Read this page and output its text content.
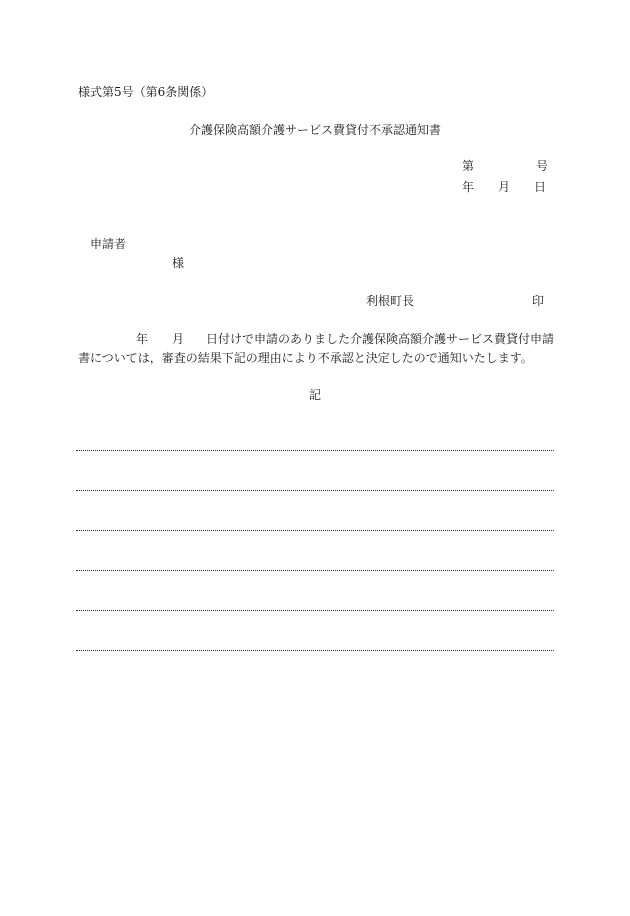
様式第5号（第6条関係）
介護保険高額介護サービス費貸付不承認通知書
第	号
年 月 日
申請者
様
利根町長	印
年 月 日付けで申請のありました介護保険高額介護サービス費貸付申請
書については，審査の結果下記の理由により不承認と決定したので通知いたします。
記
